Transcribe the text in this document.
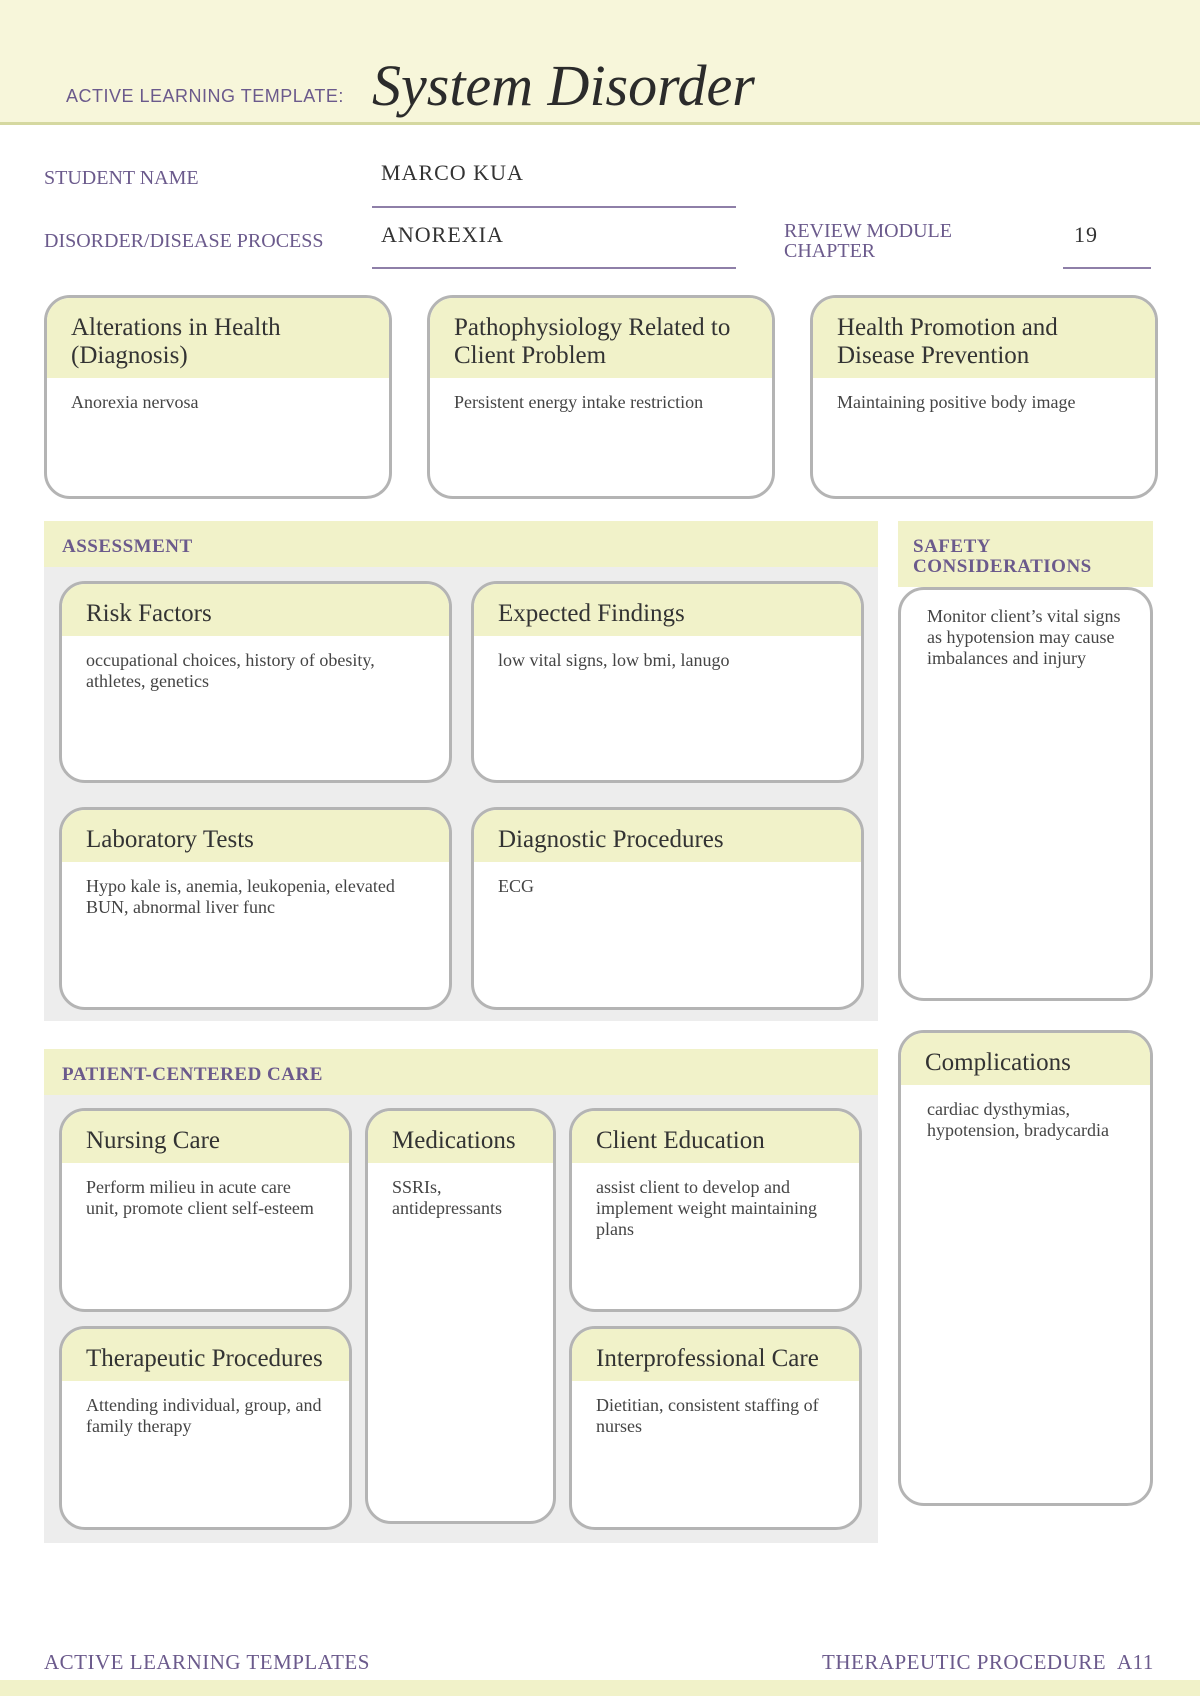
ACTIVE LEARNING TEMPLATE: System Disorder
STUDENT NAME	MARCO KUA
DISORDER/DISEASE PROCESS	ANOREXIA	REVIEW MODULE
CHAPTER
19
Alterations in Health (Diagnosis)
Anorexia nervosa
Pathophysiology Related to Client Problem
Persistent energy intake restriction
Health Promotion and Disease Prevention
Maintaining positive body image
ASSESSMENT
Risk Factors
occupational choices, history of obesity, athletes, genetics
Expected Findings
low vital signs, low bmi, lanugo
Laboratory Tests
Hypo kale is, anemia, leukopenia, elevated BUN, abnormal liver func
Diagnostic Procedures
ECG
SAFETY CONSIDERATIONS
Monitor client’s vital signs as hypotension may cause imbalances and injury
PATIENT-CENTERED CARE
Nursing Care
Perform milieu in acute care unit, promote client self-esteem
Medications
SSRIs, antidepressants
Client Education
assist client to develop and implement weight maintaining plans
Therapeutic Procedures
Attending individual, group, and family therapy
Interprofessional Care
Dietitian, consistent staffing of nurses
Complications
cardiac dysthymias, hypotension, bradycardia
ACTIVE LEARNING TEMPLATES	THERAPEUTIC PROCEDURE A11
